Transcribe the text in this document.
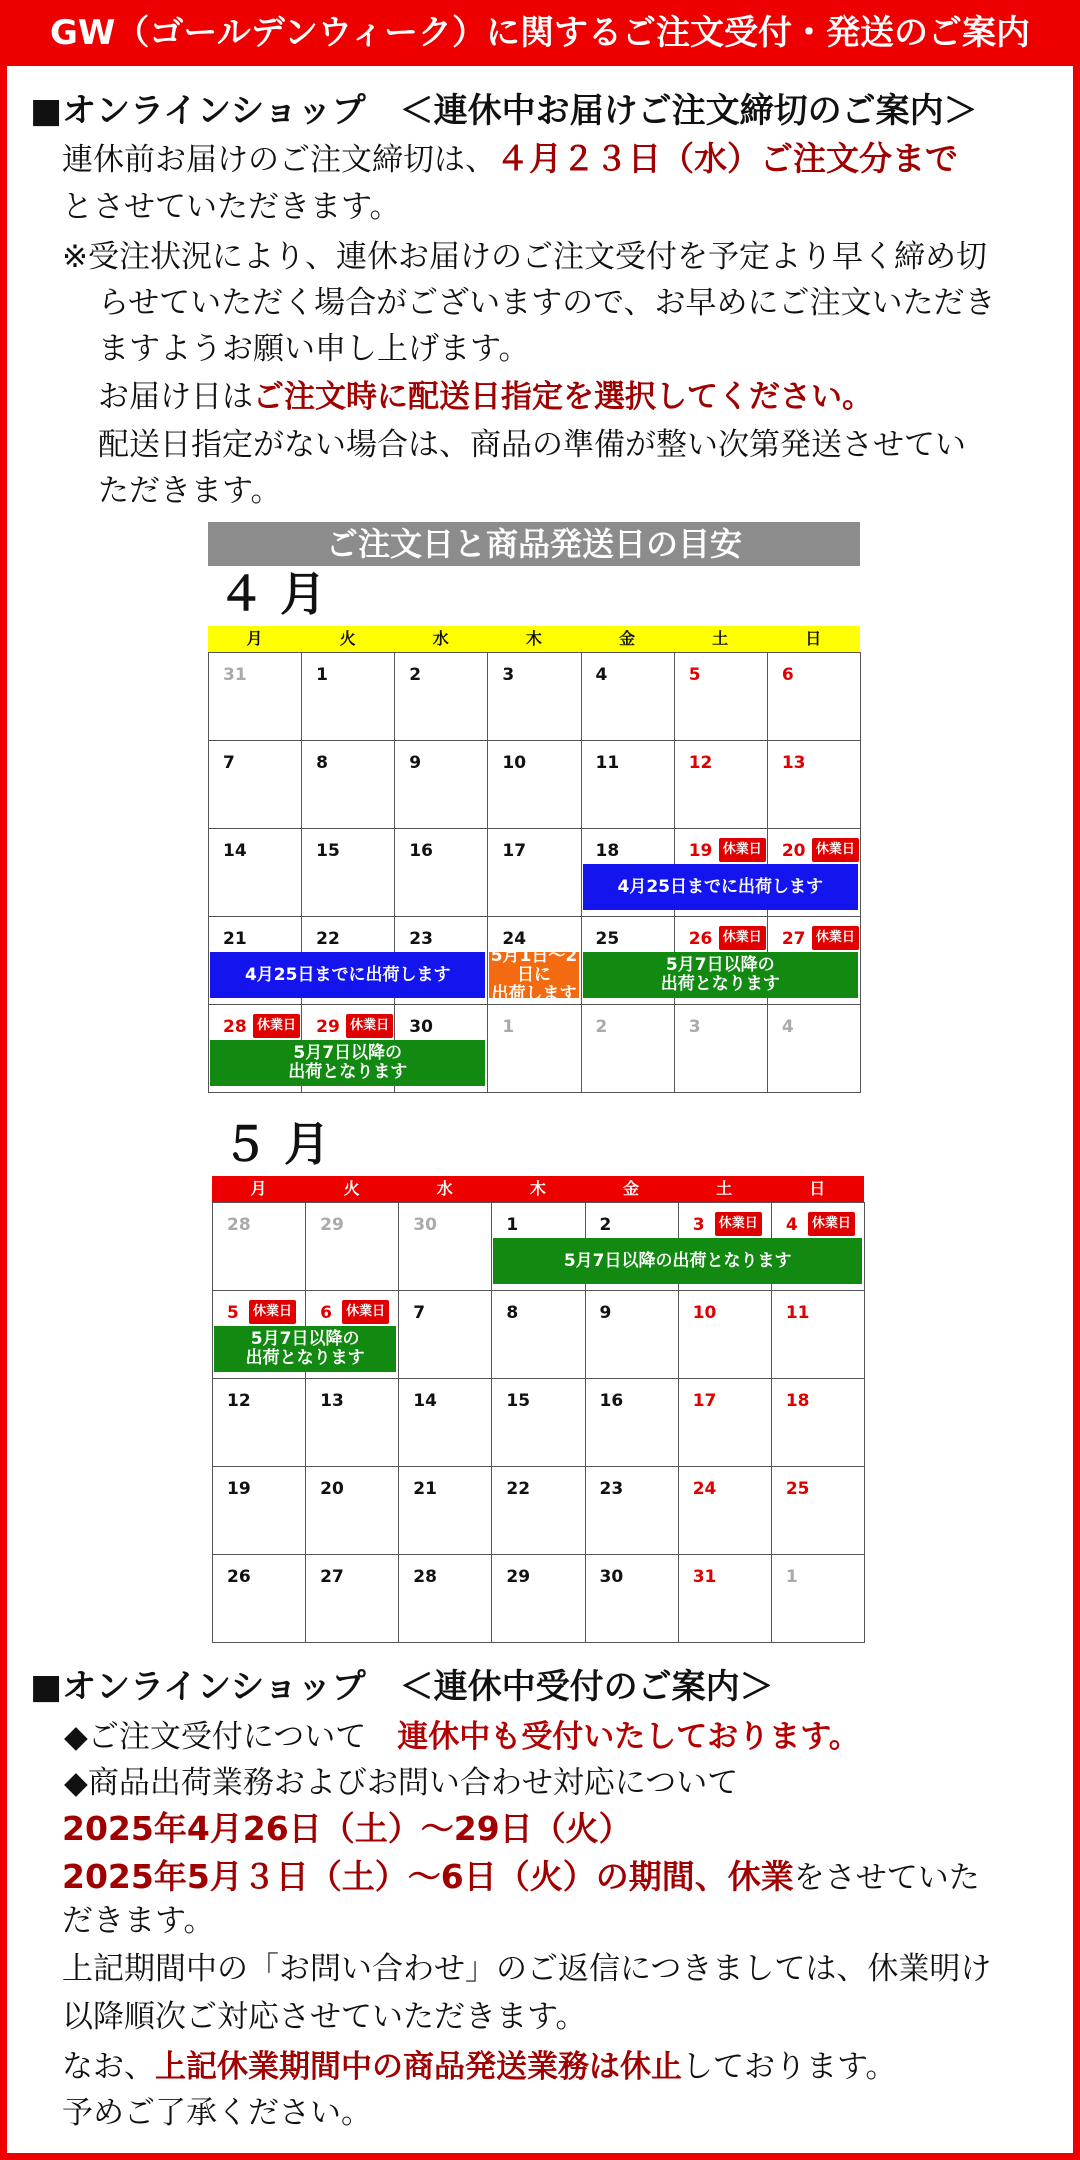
GW（ゴールデンウィーク）に関するご注文受付・発送のご案内
■オンラインショップ　＜連休中お届けご注文締切のご案内＞
連休前お届けのご注文締切は、４月２３日（水）ご注文分まで
とさせていただきます。
※受注状況により、連休お届けのご注文受付を予定より早く締め切
らせていただく場合がございますので、お早めにご注文いただき
ますようお願い申し上げます。
お届け日はご注文時に配送日指定を選択してください。
配送日指定がない場合は、商品の準備が整い次第発送させてい
ただきます。
ご注文日と商品発送日の目安
４ 月
月	火	水	木	金	土	日
31	1	2	3	4	5	6
7	8	9	10	11	12	13
14	15	16	17	18	19 休業日 20 休業日
21	22	23	24	25	26 休業日 27 休業日
28 休業日 29 休業日 30	1	2	3	4
4月25日までに出荷します
4月25日までに出荷します
5月1日〜2日に
出荷します
5月7日以降の
出荷となります
5月7日以降の
出荷となります
５ 月
月	火	水	木	金	土	日
28	29	30	1	2	3	休業日 4	休業日
5	休業日 6	休業日 7	8	9	10	11
12	13	14	15	16	17	18
19	20	21	22	23	24	25
26	27	28	29	30	31	1
5月7日以降の出荷となります
5月7日以降の
出荷となります
■オンラインショップ　＜連休中受付のご案内＞
◆ご注文受付について　連休中も受付いたしております。
◆商品出荷業務およびお問い合わせ対応について
2025年4月26日（土）〜29日（火）
2025年5月３日（土）〜6日（火）の期間、休業をさせていた
だきます。
上記期間中の「お問い合わせ」のご返信につきましては、休業明け
以降順次ご対応させていただきます。
なお、上記休業期間中の商品発送業務は休止しております。
予めご了承ください。
